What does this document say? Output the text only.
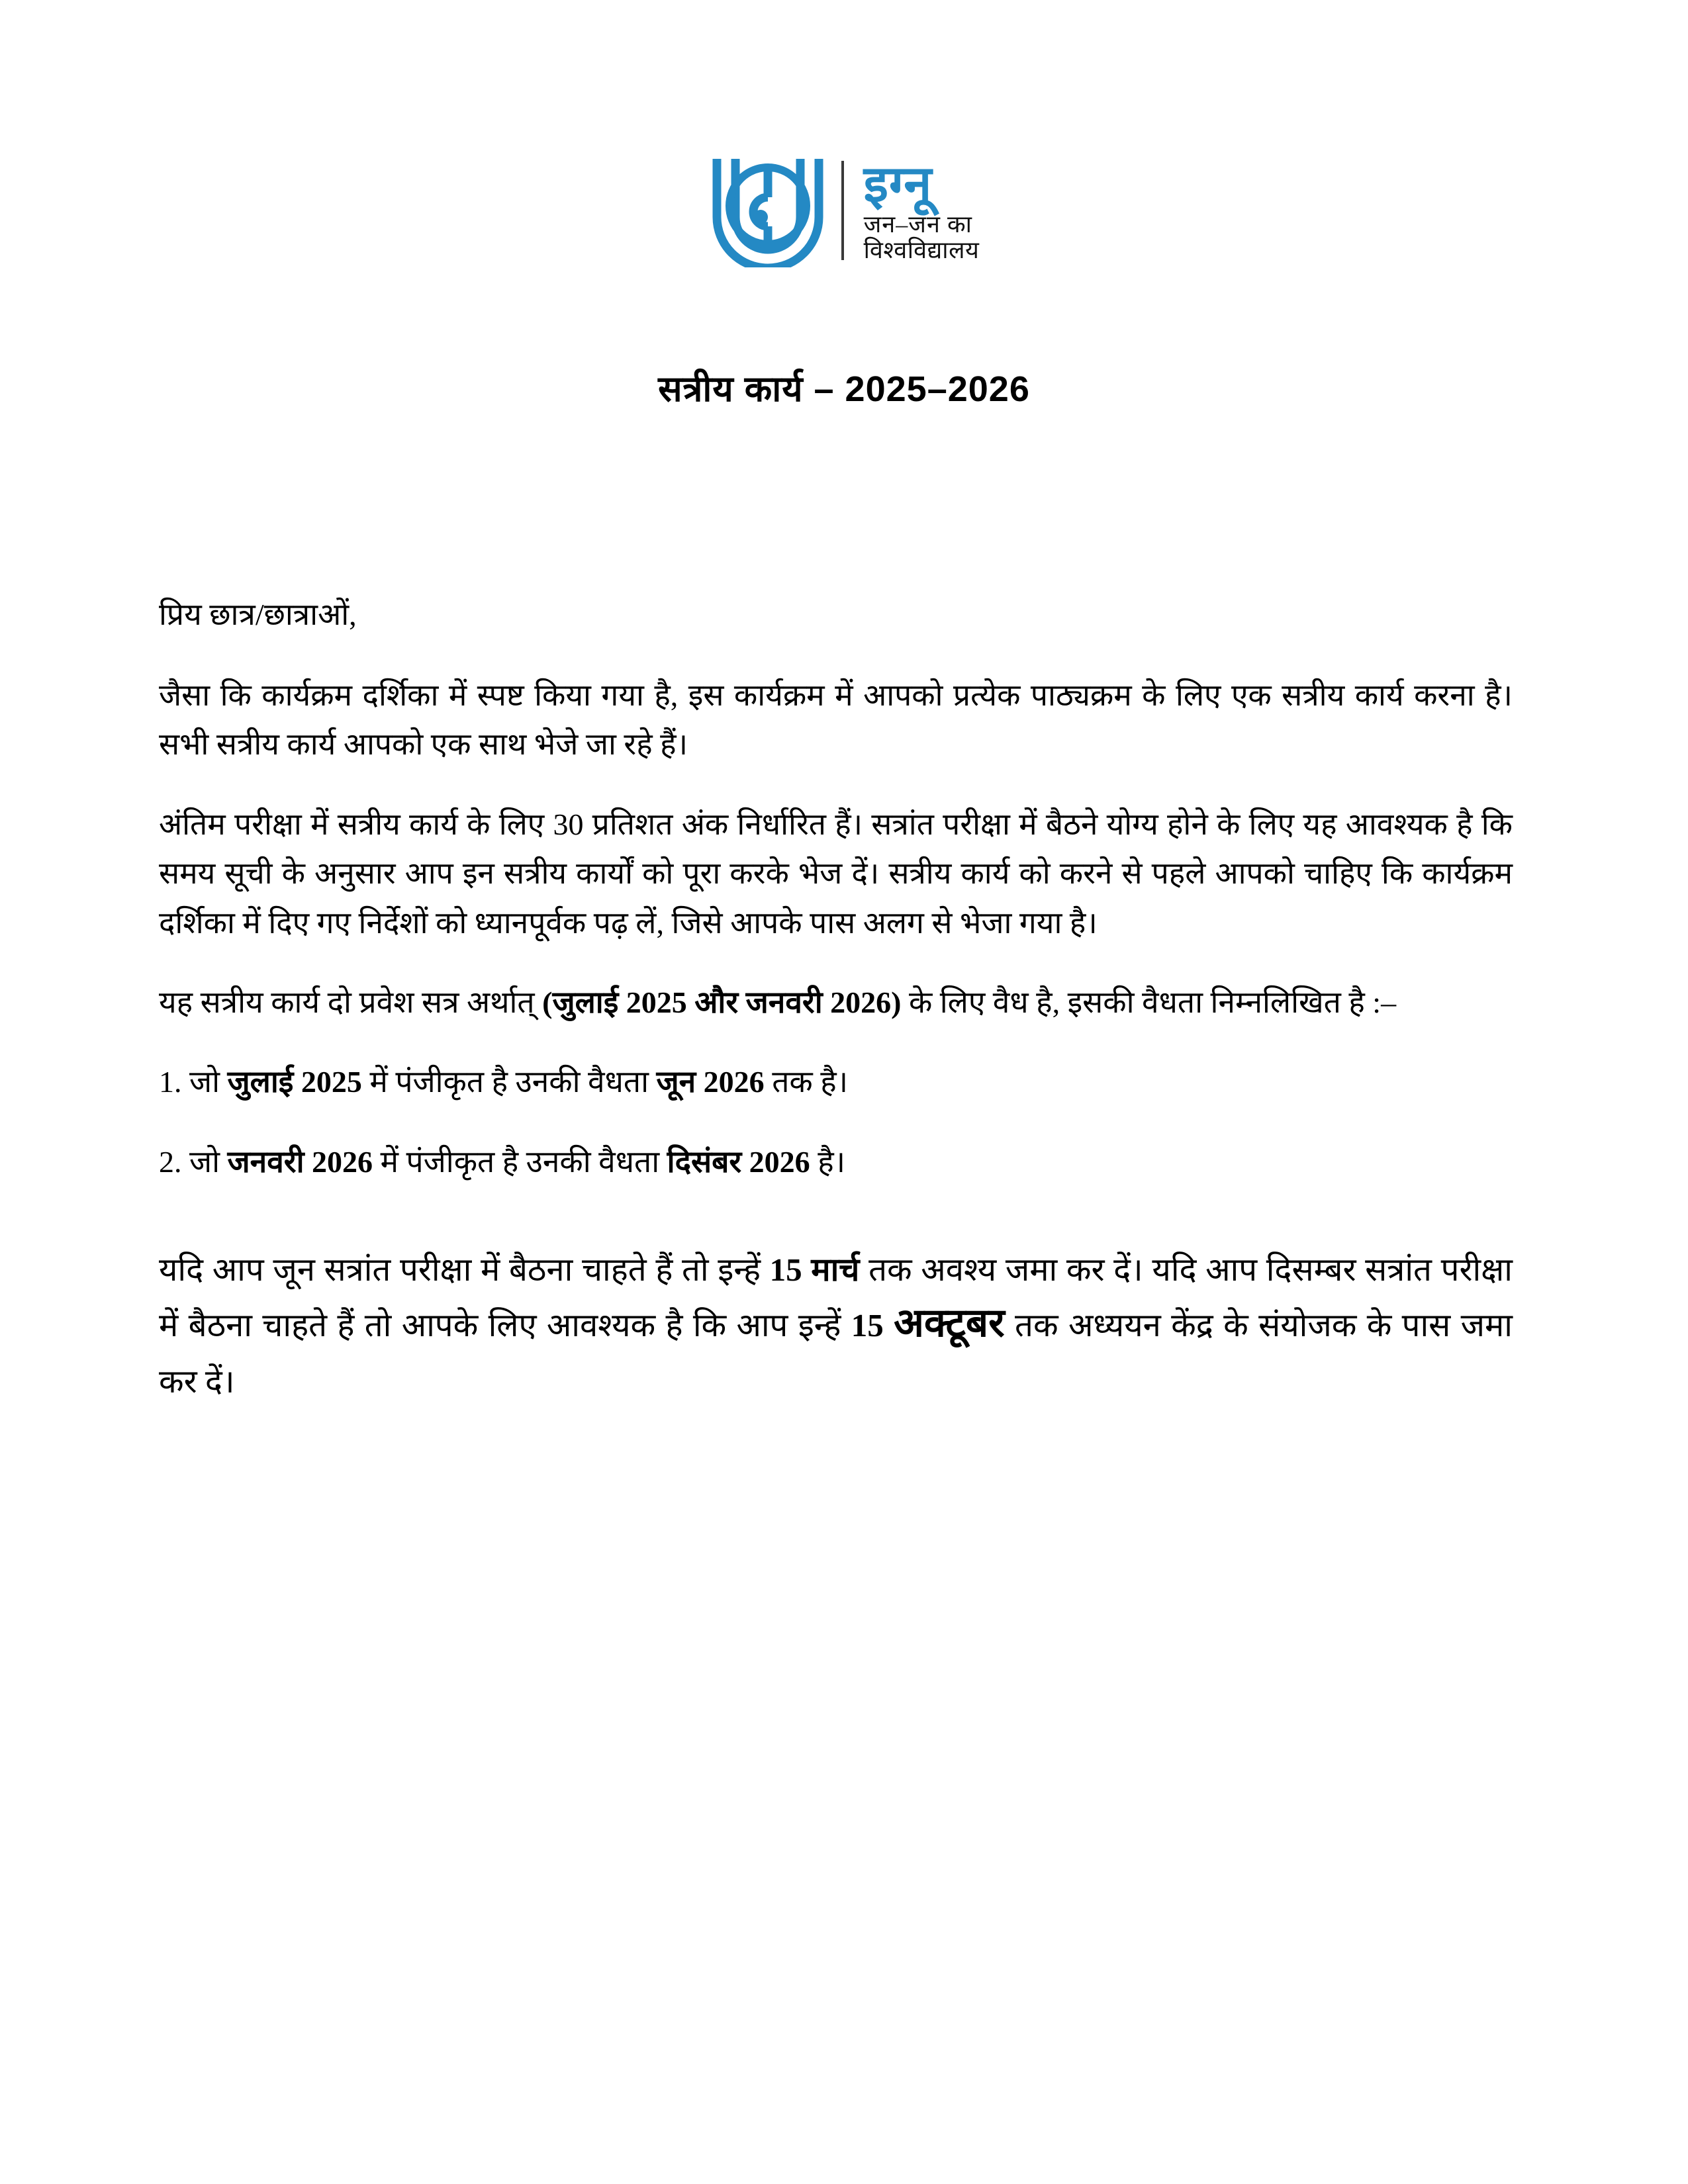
इग्नू
जन–जन का
विश्वविद्यालय
सत्रीय कार्य – 2025–2026

प्रिय छात्र/छात्राओं,

जैसा कि कार्यक्रम दर्शिका में स्पष्ट किया गया है, इस कार्यक्रम में आपको प्रत्येक पाठ्यक्रम के लिए एक सत्रीय कार्य करना है। सभी सत्रीय कार्य आपको एक साथ भेजे जा रहे हैं।

अंतिम परीक्षा में सत्रीय कार्य के लिए 30 प्रतिशत अंक निर्धारित हैं। सत्रांत परीक्षा में बैठने योग्य होने के लिए यह आवश्यक है कि समय सूची के अनुसार आप इन सत्रीय कार्यों को पूरा करके भेज दें। सत्रीय कार्य को करने से पहले आपको चाहिए कि कार्यक्रम दर्शिका में दिए गए निर्देशों को ध्यानपूर्वक पढ़ लें, जिसे आपके पास अलग से भेजा गया है।

यह सत्रीय कार्य दो प्रवेश सत्र अर्थात् (जुलाई 2025 और जनवरी 2026) के लिए वैध है, इसकी वैधता निम्नलिखित है :–

1. जो जुलाई 2025 में पंजीकृत है उनकी वैधता जून 2026 तक है।

2. जो जनवरी 2026 में पंजीकृत है उनकी वैधता दिसंबर 2026 है।

यदि आप जून सत्रांत परीक्षा में बैठना चाहते हैं तो इन्हें 15 मार्च तक अवश्य जमा कर दें। यदि आप दिसम्बर सत्रांत परीक्षा में बैठना चाहते हैं तो आपके लिए आवश्यक है कि आप इन्हें 15 अक्टूबर तक अध्ययन केंद्र के संयोजक के पास जमा कर दें।
